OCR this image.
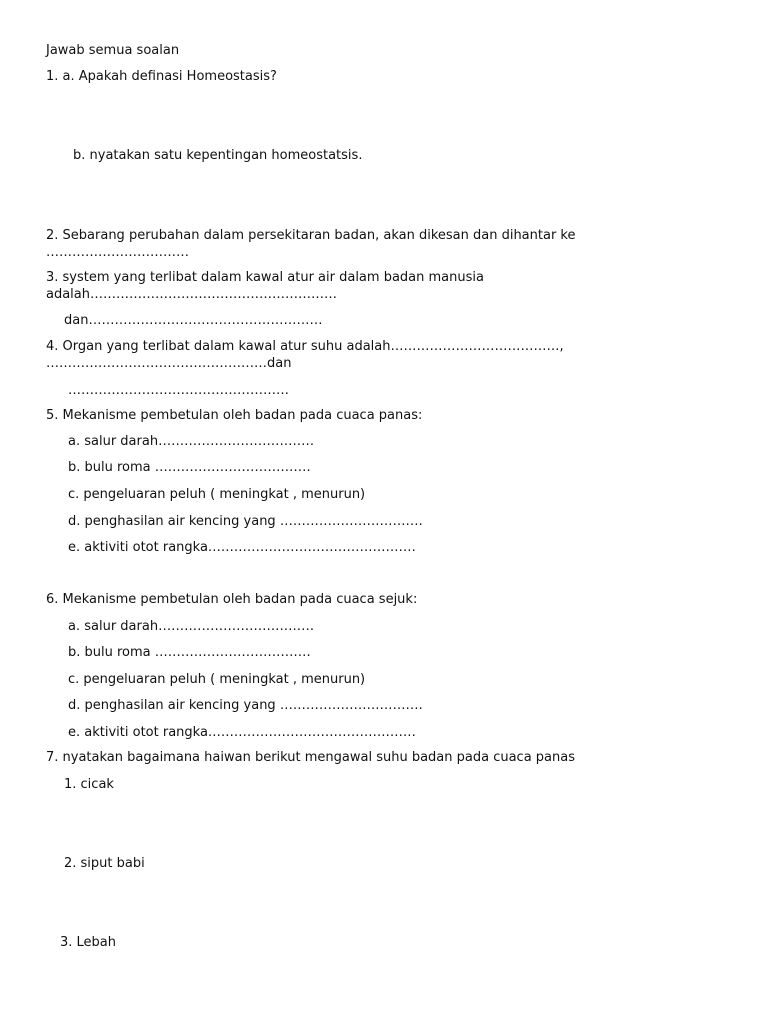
Jawab semua soalan
1. a. Apakah definasi Homeostasis?
b. nyatakan satu kepentingan homeostatsis.
2. Sebarang perubahan dalam persekitaran badan, akan dikesan dan dihantar ke
……………………………
3. system yang terlibat dalam kawal atur air dalam badan manusia
adalah…………………………………………………
dan………………………………………………
4. Organ yang terlibat dalam kawal atur suhu adalah…………………………………,
……………………………………………dan
……………………………………………
5. Mekanisme pembetulan oleh badan pada cuaca panas:
a. salur darah………………………………
b. bulu roma ………………………………
c. pengeluaran peluh ( meningkat , menurun)
d. penghasilan air kencing yang ……………………………
e. aktiviti otot rangka…………………………………………
6. Mekanisme pembetulan oleh badan pada cuaca sejuk:
a. salur darah………………………………
b. bulu roma ………………………………
c. pengeluaran peluh ( meningkat , menurun)
d. penghasilan air kencing yang ……………………………
e. aktiviti otot rangka…………………………………………
7. nyatakan bagaimana haiwan berikut mengawal suhu badan pada cuaca panas
1. cicak
2. siput babi
3. Lebah
